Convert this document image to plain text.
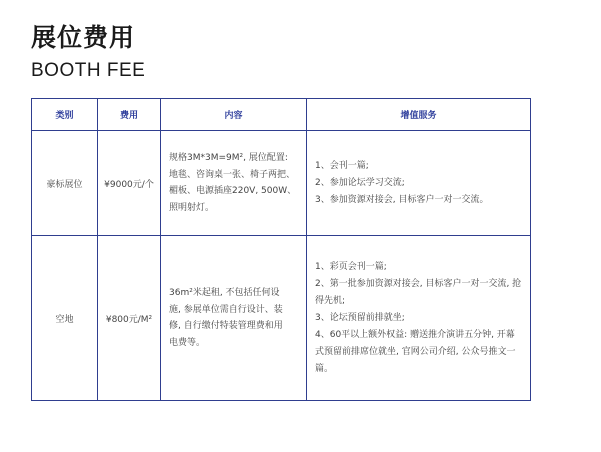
展位费用
BOOTH FEE
类别	费用	内容	增值服务
豪标展位	¥9000元/个	规格3M*3M=9M², 展位配置:
地毯、咨询桌一张、椅子两把、
楣板、电源插座220V, 500W、
照明射灯。	1、会刊一篇;
2、参加论坛学习交流;
3、参加资源对接会, 目标客户一对一交流。

空地	¥800元/M²	36m²米起租, 不包括任何设
施, 参展单位需自行设计、装
修, 自行缴付特装管理费和用
电费等。	1、彩页会刊一篇;
2、第一批参加资源对接会, 目标客户一对一交流, 抢得先机;
3、论坛预留前排就坐;
4、60平以上额外权益: 赠送推介演讲五分钟, 开幕式预留前排席位就坐, 官网公司介绍, 公众号推文一篇。
